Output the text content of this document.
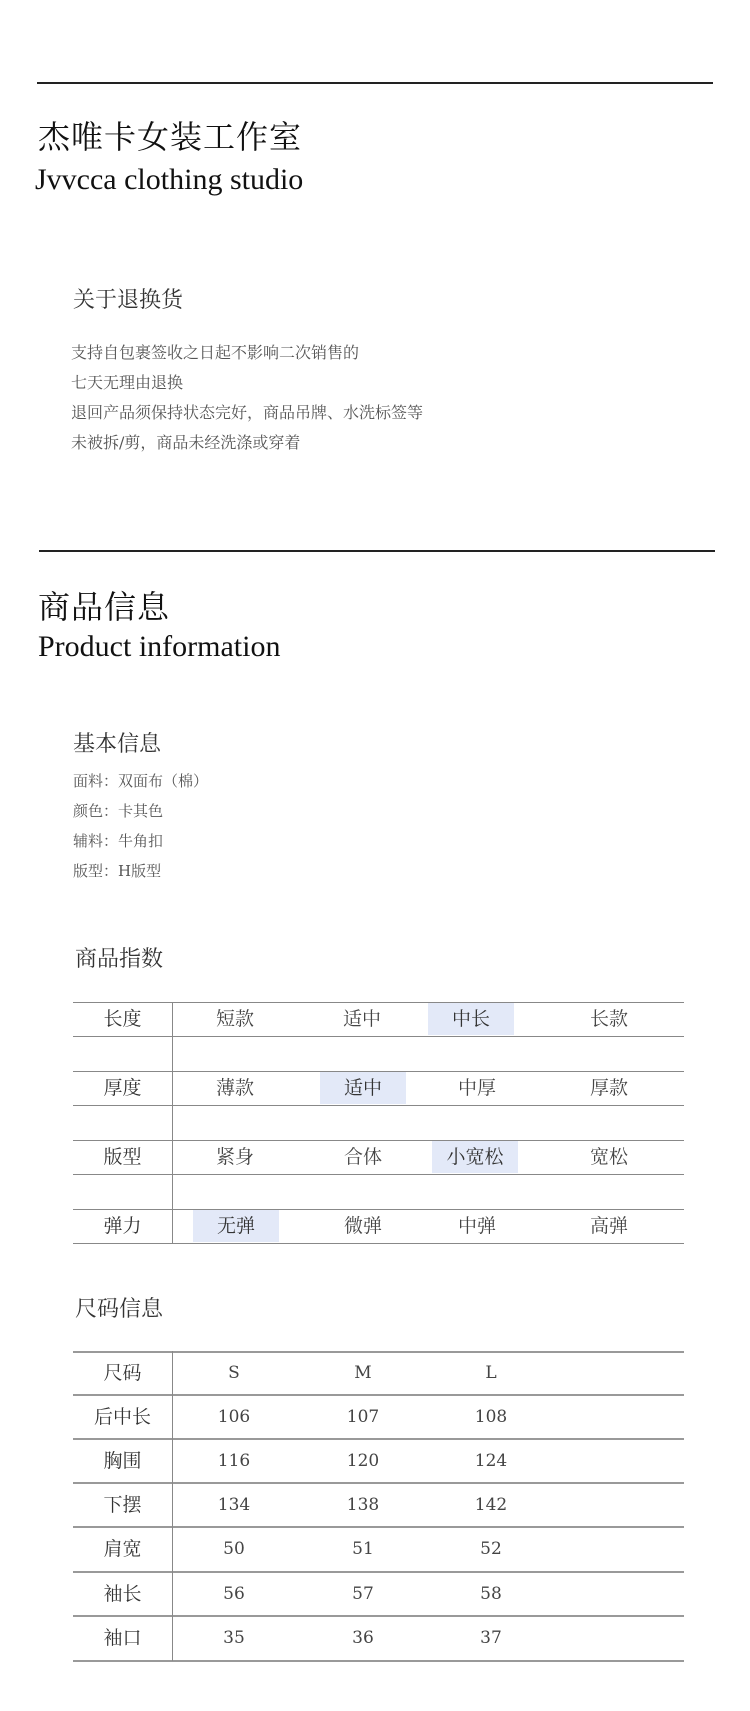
杰唯卡女装工作室
Jvvcca clothing studio
关于退换货
支持自包裹签收之日起不影响二次销售的
七天无理由退换
退回产品须保持状态完好，商品吊牌、水洗标签等
未被拆/剪，商品未经洗涤或穿着
商品信息
Product information
基本信息
面料：双面布（棉）
颜色：卡其色
辅料：牛角扣
版型：H版型
商品指数
长度	短款	适中	中长	长款
厚度	薄款	适中	中厚	厚款
版型	紧身	合体	小宽松	宽松
弹力	无弹	微弹	中弹	高弹
尺码信息
尺码	S	M	L
后中长	106	107	108
胸围	116	120	124
下摆	134	138	142
肩宽	50	51	52
袖长	56	57	58
袖口	35	36	37
